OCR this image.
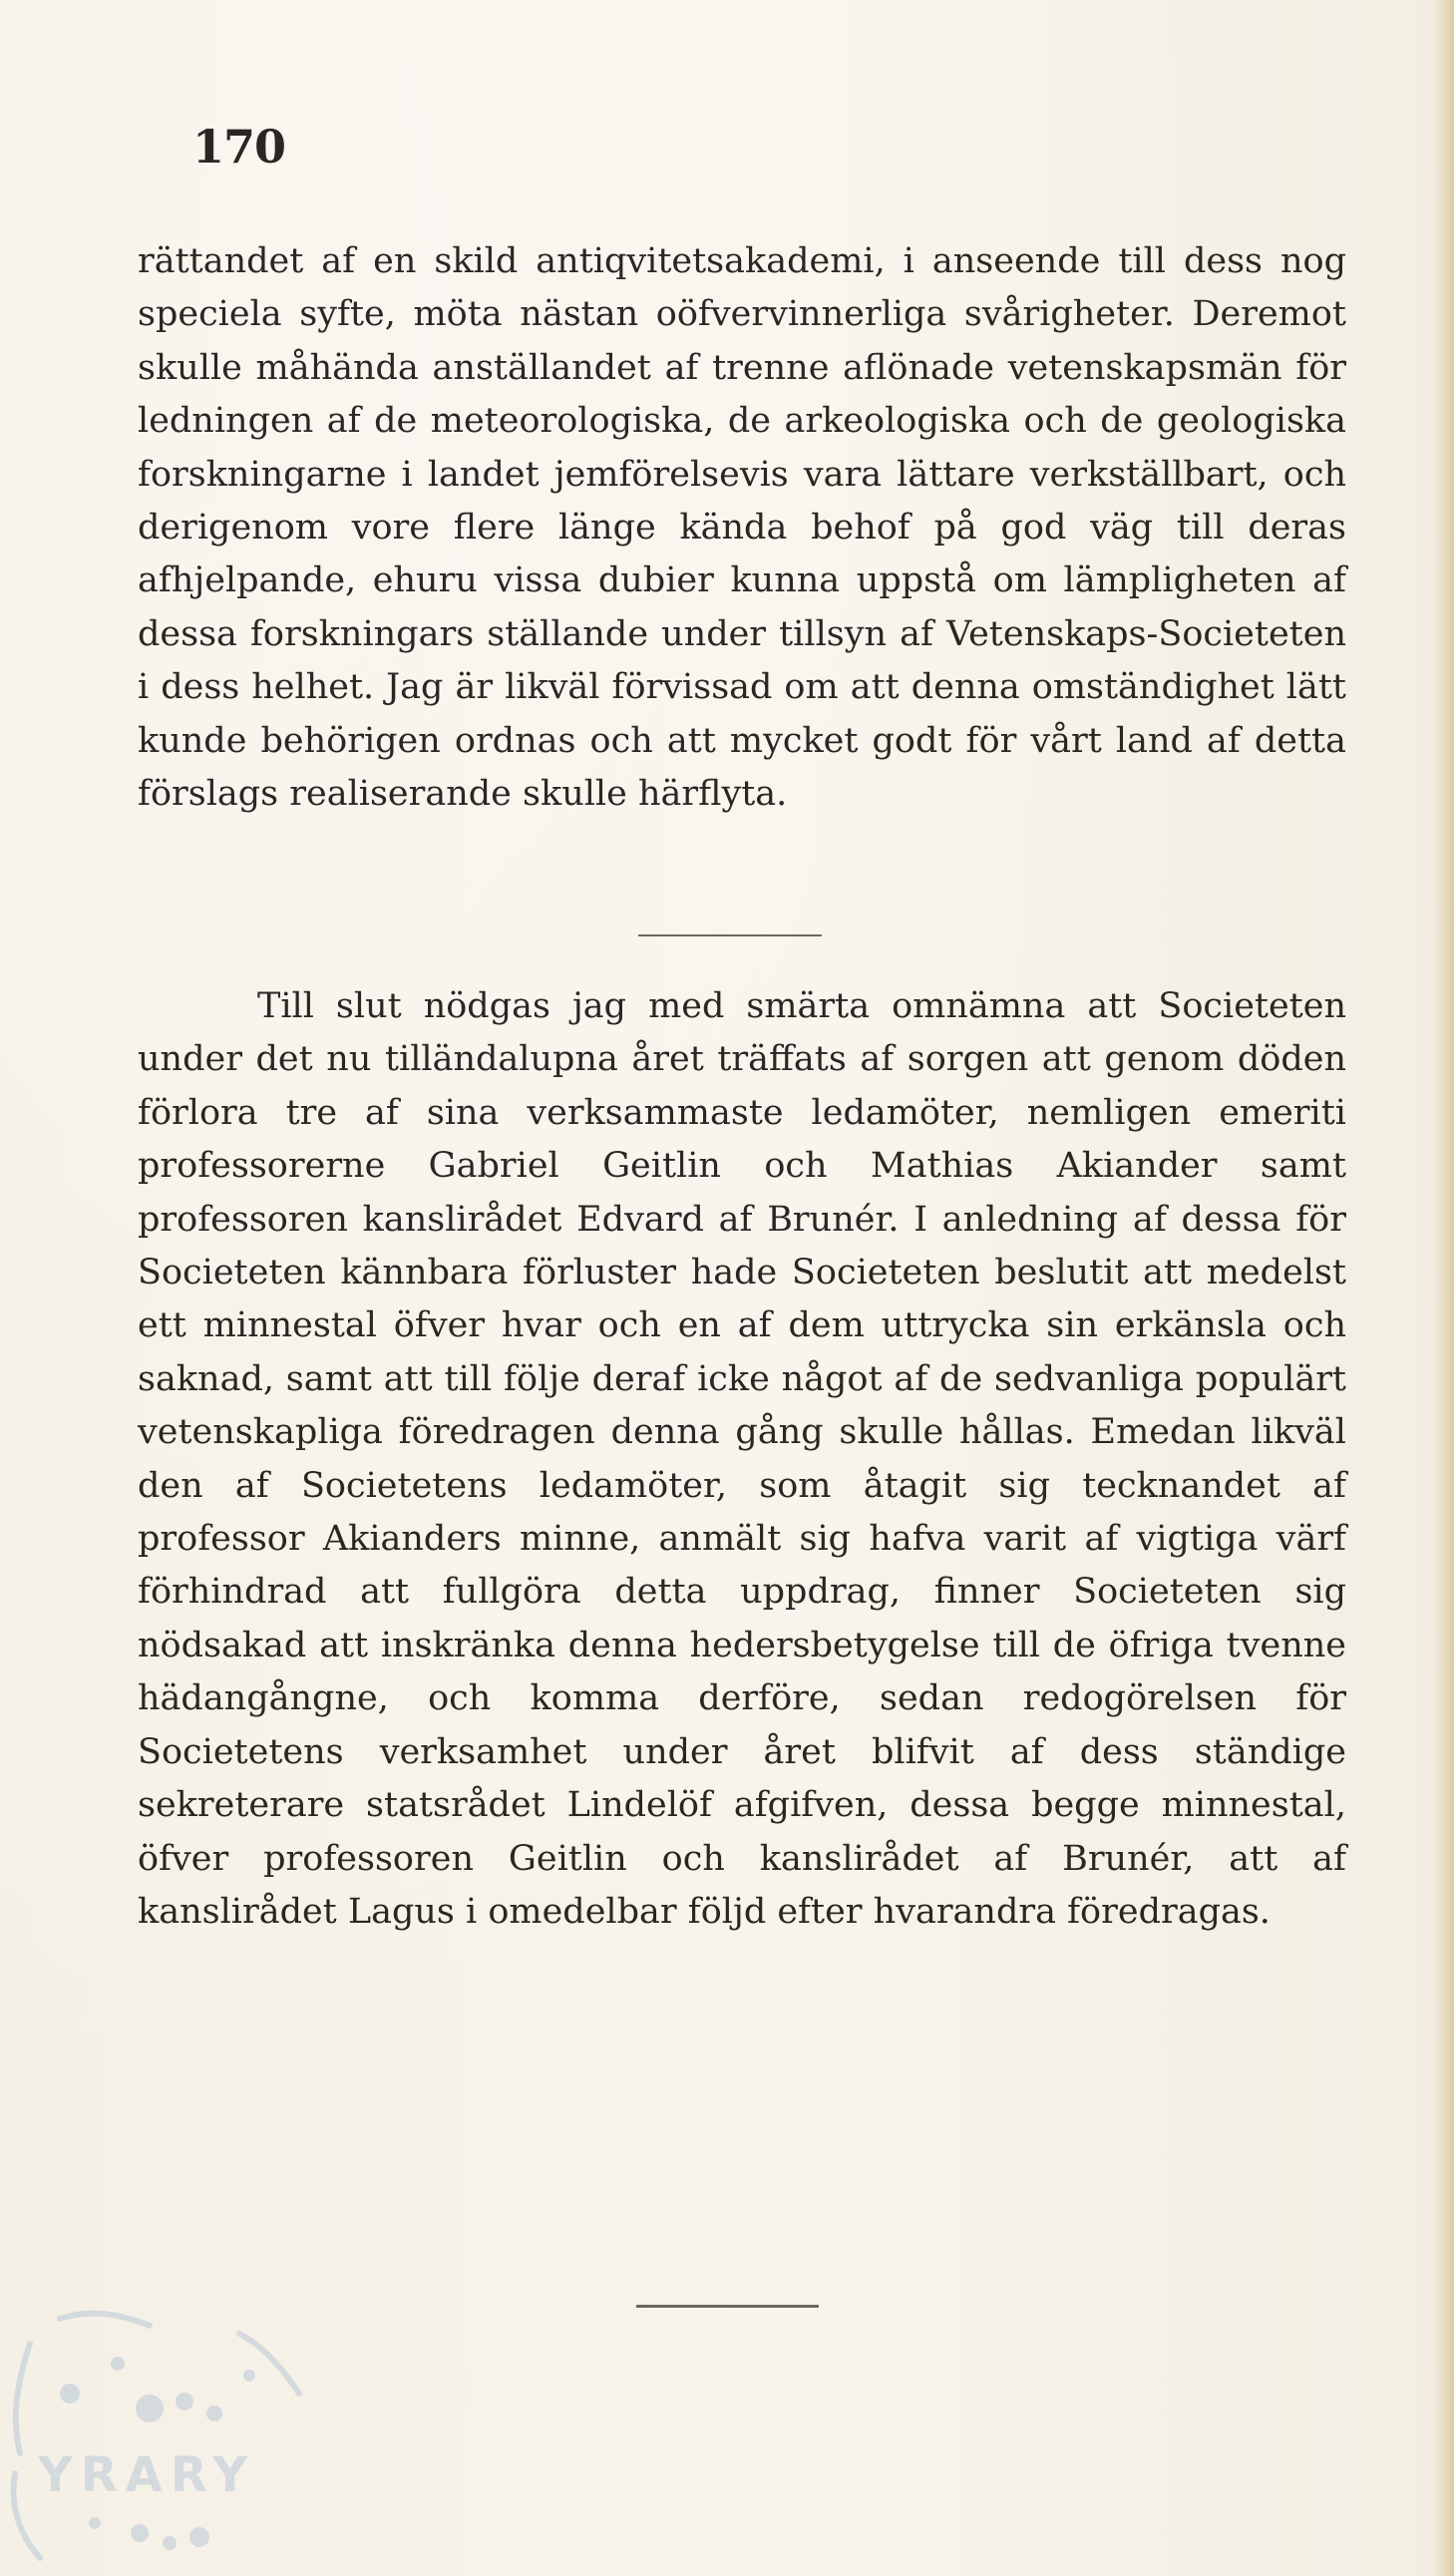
170

rättandet af en skild antiqvitetsakademi, i anseende till dess nog speciela syfte, möta nästan oöfvervinnerliga svårigheter. Deremot skulle måhända anställandet af trenne aflönade vetenskapsmän för ledningen af de meteorologiska, de arkeologiska och de geologiska forskningarne i landet jemförelsevis vara lättare verkställbart, och derigenom vore flere länge kända behof på god väg till deras afhjelpande, ehuru vissa dubier kunna uppstå om lämpligheten af dessa forskningars ställande under tillsyn af Vetenskaps-Societeten i dess helhet. Jag är likväl förvissad om att denna omständighet lätt kunde behörigen ordnas och att mycket godt för vårt land af detta förslags realiserande skulle härflyta.

Till slut nödgas jag med smärta omnämna att Societeten under det nu tilländalupna året träffats af sorgen att genom döden förlora tre af sina verksammaste ledamöter, nemligen emeriti professorerne Gabriel Geitlin och Mathias Akiander samt professoren kanslirådet Edvard af Brunér. I anledning af dessa för Societeten kännbara förluster hade Societeten beslutit att medelst ett minnestal öfver hvar och en af dem uttrycka sin erkänsla och saknad, samt att till följe deraf icke något af de sedvanliga populärt vetenskapliga föredragen denna gång skulle hållas. Emedan likväl den af Societetens ledamöter, som åtagit sig tecknandet af professor Akianders minne, anmält sig hafva varit af vigtiga värf förhindrad att fullgöra detta uppdrag, finner Societeten sig nödsakad att inskränka denna hedersbetygelse till de öfriga tvenne hädangångne, och komma derföre, sedan redogörelsen för Societetens verksamhet under året blifvit af dess ständige sekreterare statsrådet Lindelöf afgifven, dessa begge minnestal, öfver professoren Geitlin och kanslirådet af Brunér, att af kanslirådet Lagus i omedelbar följd efter hvarandra föredragas.

YRARY
